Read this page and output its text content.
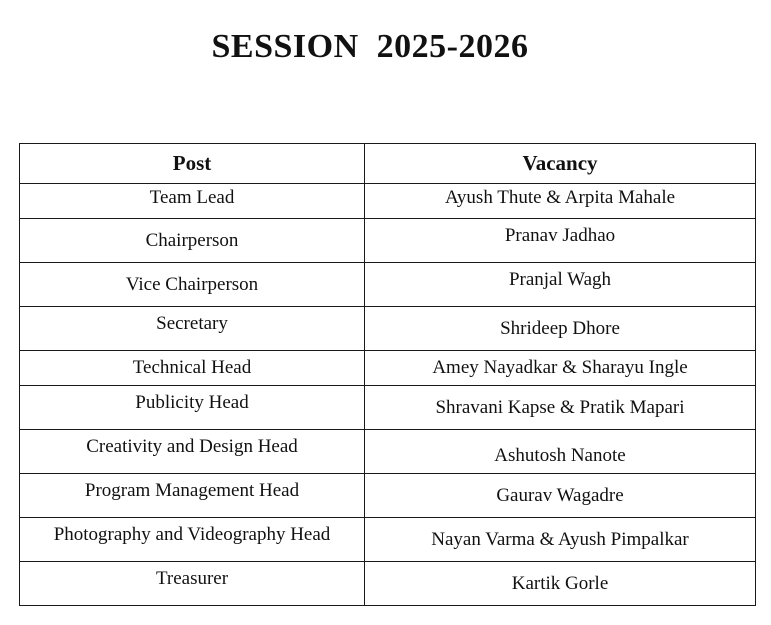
SESSION  2025-2026
Post	Vacancy
Team Lead	Ayush Thute & Arpita Mahale
Chairperson	Pranav Jadhao
Vice Chairperson	Pranjal Wagh
Secretary	Shrideep Dhore
Technical Head	Amey Nayadkar & Sharayu Ingle
Publicity Head	Shravani Kapse & Pratik Mapari
Creativity and Design Head	Ashutosh Nanote
Program Management Head	Gaurav Wagadre
Photography and Videography Head	Nayan Varma & Ayush Pimpalkar
Treasurer	Kartik Gorle
